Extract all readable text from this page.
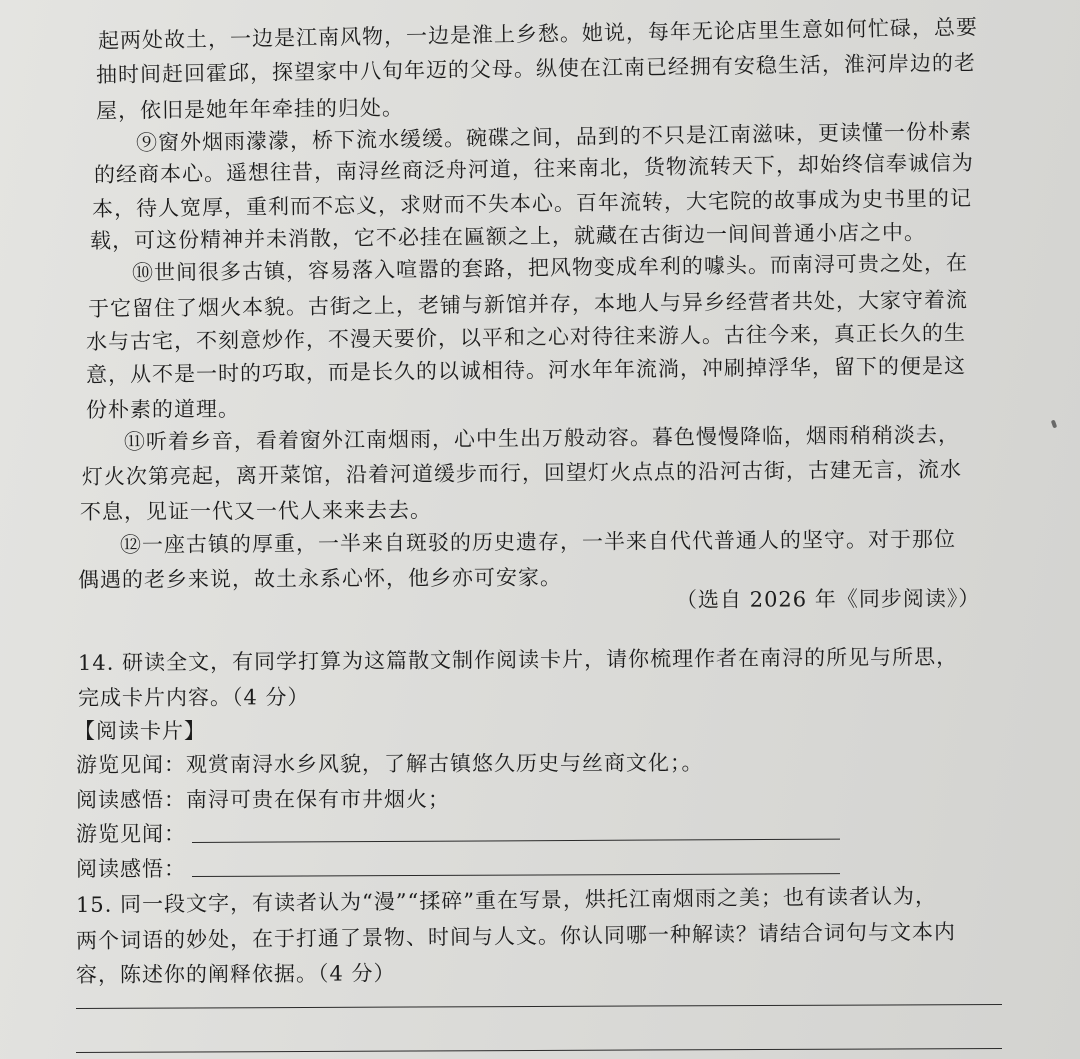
起两处故土，一边是江南风物，一边是淮上乡愁。她说，每年无论店里生意如何忙碌，总要
抽时间赶回霍邱，探望家中八旬年迈的父母。纵使在江南已经拥有安稳生活，淮河岸边的老
屋，依旧是她年年牵挂的归处。
⑨窗外烟雨濛濛，桥下流水缓缓。碗碟之间，品到的不只是江南滋味，更读懂一份朴素
的经商本心。遥想往昔，南浔丝商泛舟河道，往来南北，货物流转天下，却始终信奉诚信为
本，待人宽厚，重利而不忘义，求财而不失本心。百年流转，大宅院的故事成为史书里的记
载，可这份精神并未消散，它不必挂在匾额之上，就藏在古街边一间间普通小店之中。
⑩世间很多古镇，容易落入喧嚣的套路，把风物变成牟利的噱头。而南浔可贵之处，在
于它留住了烟火本貌。古街之上，老铺与新馆并存，本地人与异乡经营者共处，大家守着流
水与古宅，不刻意炒作，不漫天要价，以平和之心对待往来游人。古往今来，真正长久的生
意，从不是一时的巧取，而是长久的以诚相待。河水年年流淌，冲刷掉浮华，留下的便是这
份朴素的道理。
⑪听着乡音，看着窗外江南烟雨，心中生出万般动容。暮色慢慢降临，烟雨稍稍淡去，
灯火次第亮起，离开菜馆，沿着河道缓步而行，回望灯火点点的沿河古街，古建无言，流水
不息，见证一代又一代人来来去去。
⑫一座古镇的厚重，一半来自斑驳的历史遗存，一半来自代代普通人的坚守。对于那位
偶遇的老乡来说，故土永系心怀，他乡亦可安家。
（选自 2026 年《同步阅读》）
14. 研读全文，有同学打算为这篇散文制作阅读卡片，请你梳理作者在南浔的所见与所思，
完成卡片内容。（4 分）
【阅读卡片】
游览见闻：观赏南浔水乡风貌，了解古镇悠久历史与丝商文化；。
阅读感悟：南浔可贵在保有市井烟火；
游览见闻：
阅读感悟：
15. 同一段文字，有读者认为“漫”“揉碎”重在写景，烘托江南烟雨之美；也有读者认为，
两个词语的妙处，在于打通了景物、时间与人文。你认同哪一种解读？请结合词句与文本内
容，陈述你的阐释依据。（4 分）
